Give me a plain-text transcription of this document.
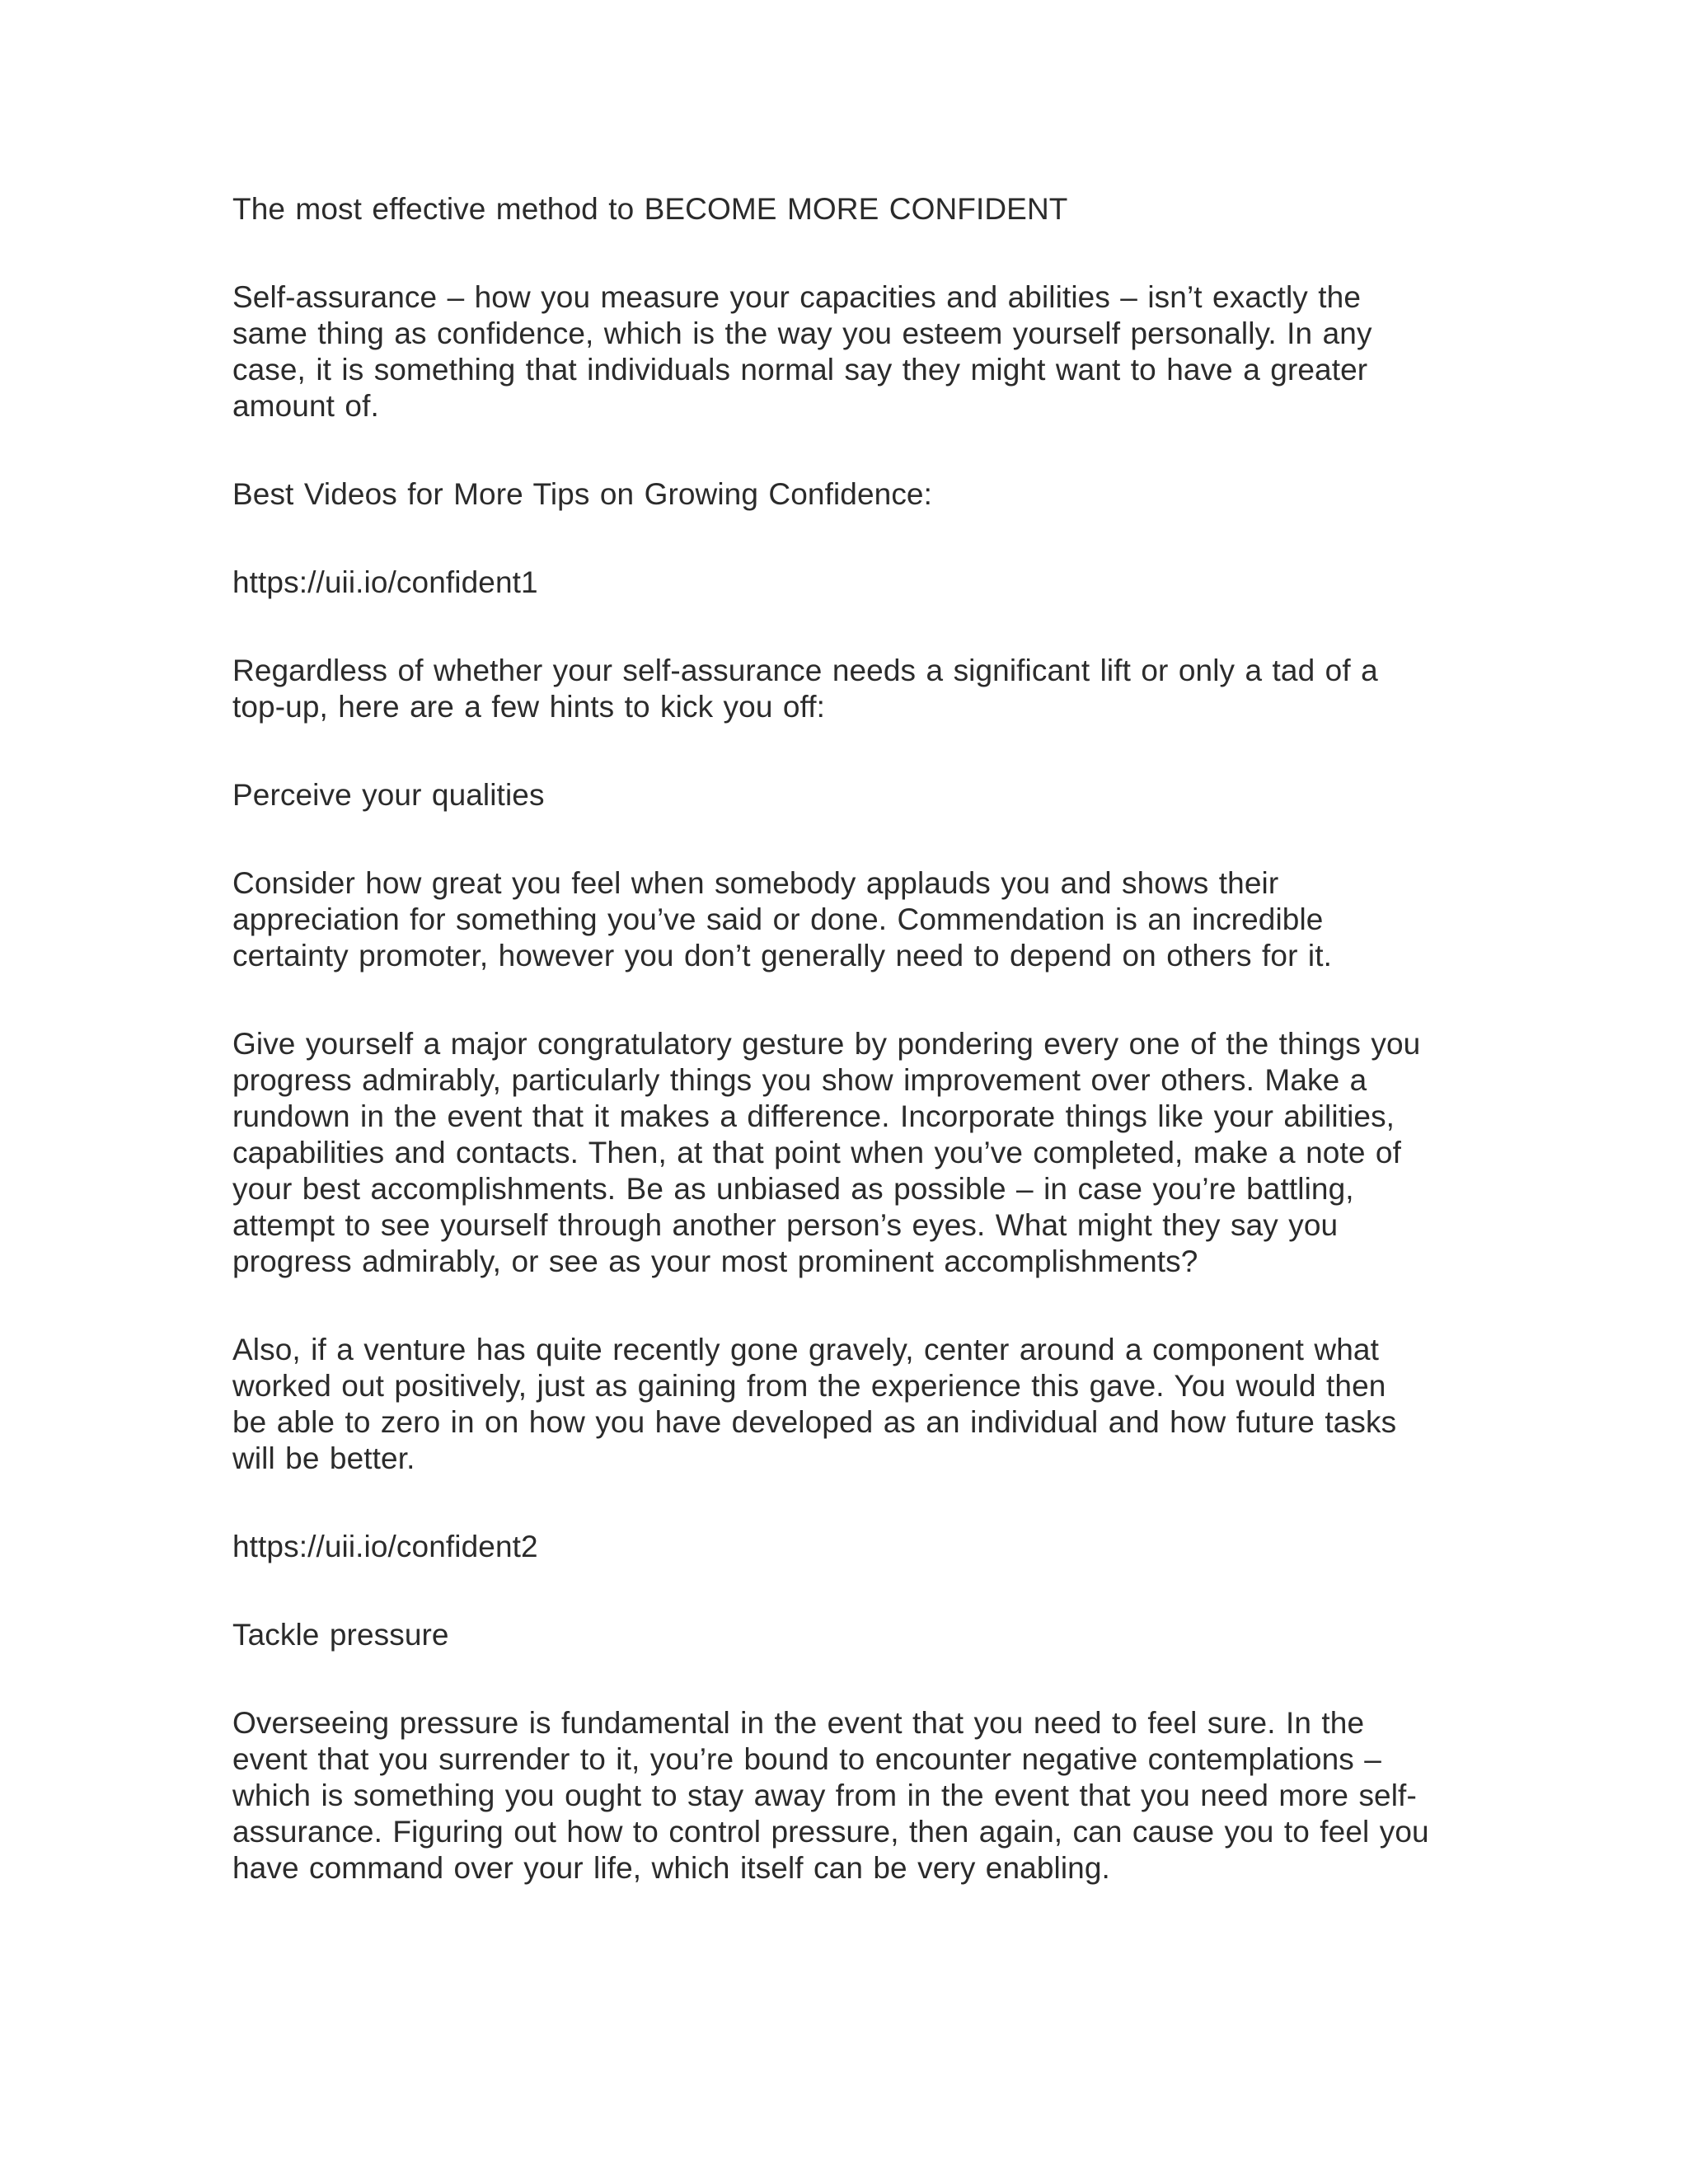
The most effective method to BECOME MORE CONFIDENT
Self-assurance – how you measure your capacities and abilities – isn’t exactly the
same thing as confidence, which is the way you esteem yourself personally. In any
case, it is something that individuals normal say they might want to have a greater
amount of.
Best Videos for More Tips on Growing Confidence:
https://uii.io/confident1
Regardless of whether your self-assurance needs a significant lift or only a tad of a
top-up, here are a few hints to kick you off:
Perceive your qualities
Consider how great you feel when somebody applauds you and shows their
appreciation for something you’ve said or done. Commendation is an incredible
certainty promoter, however you don’t generally need to depend on others for it.
Give yourself a major congratulatory gesture by pondering every one of the things you
progress admirably, particularly things you show improvement over others. Make a
rundown in the event that it makes a difference. Incorporate things like your abilities,
capabilities and contacts. Then, at that point when you’ve completed, make a note of
your best accomplishments. Be as unbiased as possible – in case you’re battling,
attempt to see yourself through another person’s eyes. What might they say you
progress admirably, or see as your most prominent accomplishments?
Also, if a venture has quite recently gone gravely, center around a component what
worked out positively, just as gaining from the experience this gave. You would then
be able to zero in on how you have developed as an individual and how future tasks
will be better.
https://uii.io/confident2
Tackle pressure
Overseeing pressure is fundamental in the event that you need to feel sure. In the
event that you surrender to it, you’re bound to encounter negative contemplations –
which is something you ought to stay away from in the event that you need more self-
assurance. Figuring out how to control pressure, then again, can cause you to feel you
have command over your life, which itself can be very enabling.
